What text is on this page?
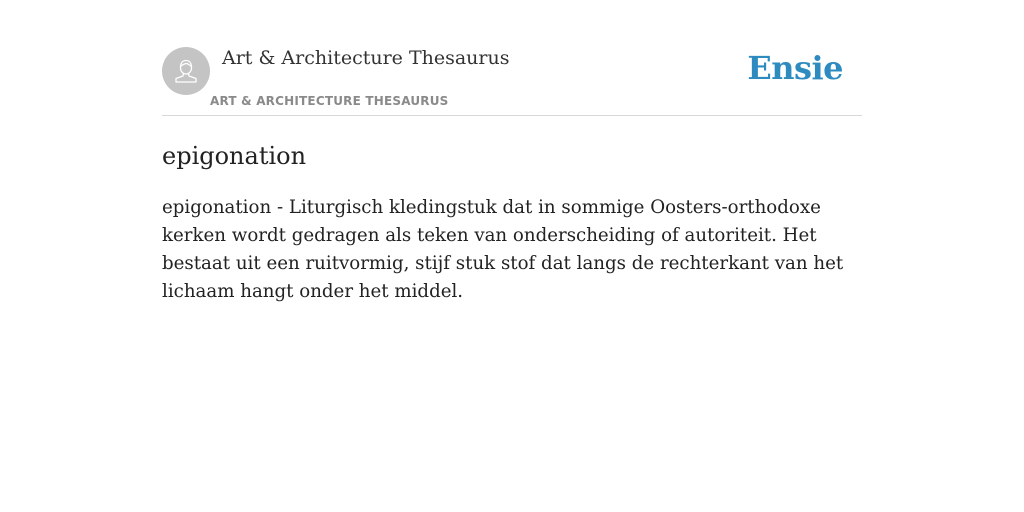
Art & Architecture Thesaurus
ART & ARCHITECTURE THESAURUS
Ensie
epigonation

epigonation - Liturgisch kledingstuk dat in sommige Oosters-orthodoxe kerken wordt gedragen als teken van onderscheiding of autoriteit. Het bestaat uit een ruitvormig, stijf stuk stof dat langs de rechterkant van het lichaam hangt onder het middel.
